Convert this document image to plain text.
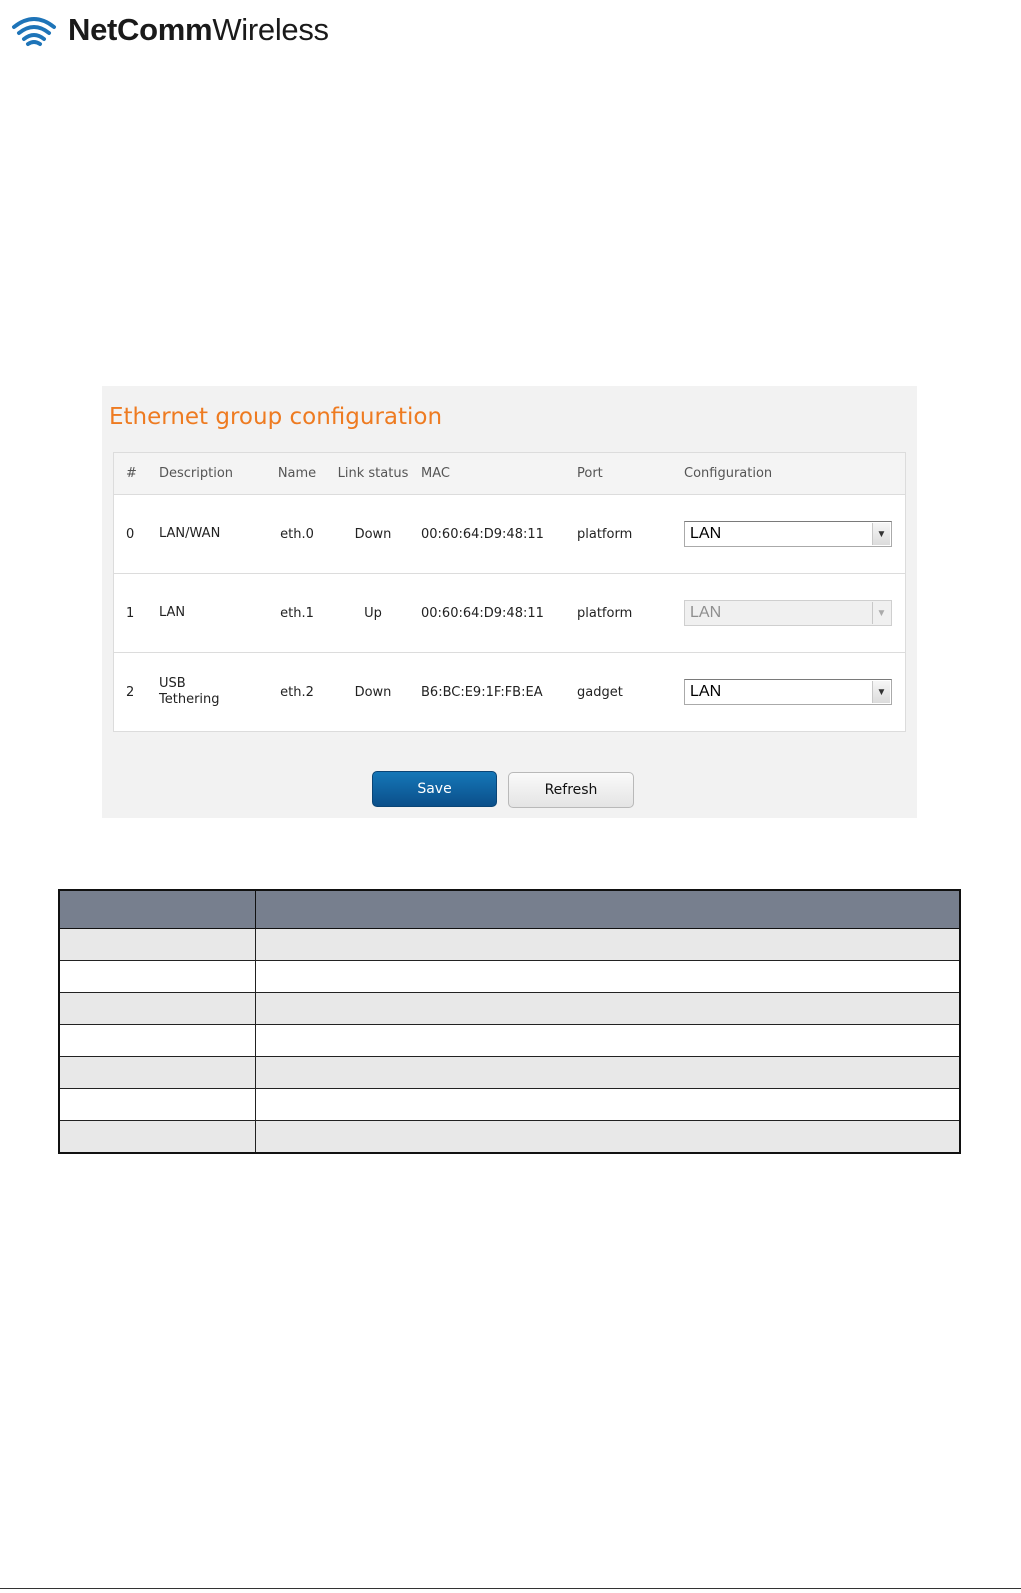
NetCommWireless
Ethernet group configuration
#	Description	Name	Link status	MAC	Port	Configuration
0	LAN/WAN	eth.0	Down	00:60:64:D9:48:11	platform	LAN ▼

1	LAN	eth.1	Up	00:60:64:D9:48:11	platform	LAN ▼

2	USB Tethering	eth.2	Down	B6:BC:E9:1F:FB:EA	gadget	LAN ▼
Save	Refresh
